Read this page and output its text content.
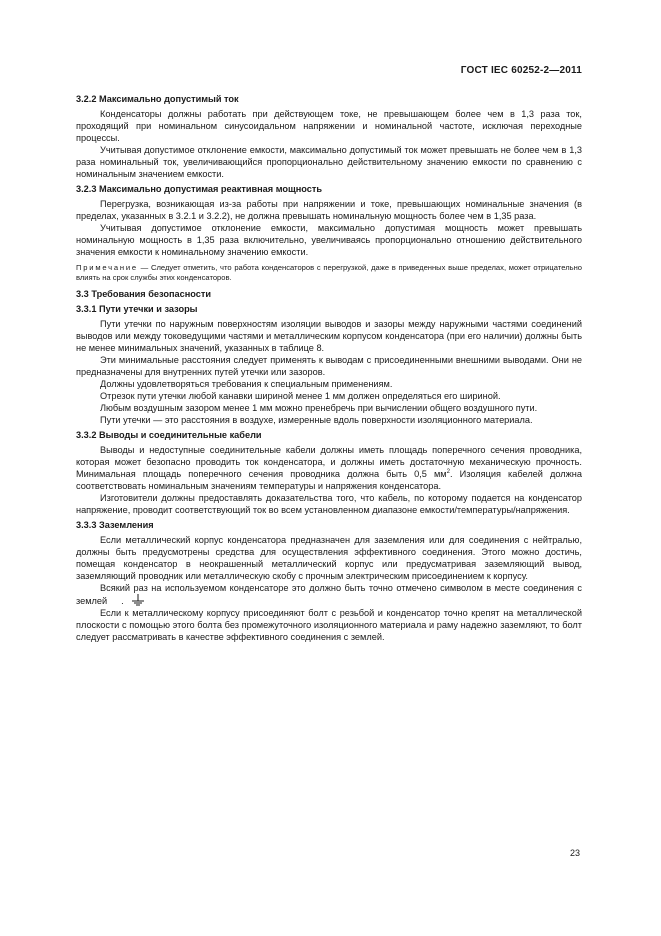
ГОСТ IEC 60252-2—2011
3.2.2 Максимально допустимый ток

Конденсаторы должны работать при действующем токе, не превышающем более чем в 1,3 раза ток, проходящий при номинальном синусоидальном напряжении и номинальной частоте, исключая переходные процессы.

Учитывая допустимое отклонение емкости, максимально допустимый ток может превышать не более чем в 1,3 раза номинальный ток, увеличивающийся пропорционально действительному значению емкости по сравнению с номинальным значением емкости.

3.2.3 Максимально допустимая реактивная мощность

Перегрузка, возникающая из-за работы при напряжении и токе, превышающих номинальные значения (в пределах, указанных в 3.2.1 и 3.2.2), не должна превышать номинальную мощность более чем в 1,35 раза.

Учитывая допустимое отклонение емкости, максимально допустимая мощность может превышать номинальную мощность в 1,35 раза включительно, увеличиваясь пропорционально отношению действительного значения емкости к номинальному значению емкости.

Примечание — Следует отметить, что работа конденсаторов с перегрузкой, даже в приведенных выше пределах, может отрицательно влиять на срок службы этих конденсаторов.

3.3 Требования безопасности
3.3.1 Пути утечки и зазоры

Пути утечки по наружным поверхностям изоляции выводов и зазоры между наружными частями соединений выводов или между токоведущими частями и металлическим корпусом конденсатора (при его наличии) должны быть не менее минимальных значений, указанных в таблице 8.

Эти минимальные расстояния следует применять к выводам с присоединенными внешними выводами. Они не предназначены для внутренних путей утечки или зазоров.

Должны удовлетворяться требования к специальным применениям.

Отрезок пути утечки любой канавки шириной менее 1 мм должен определяться его шириной.

Любым воздушным зазором менее 1 мм можно пренебречь при вычислении общего воздушного пути.

Пути утечки — это расстояния в воздухе, измеренные вдоль поверхности изоляционного материала.

3.3.2 Выводы и соединительные кабели

Выводы и недоступные соединительные кабели должны иметь площадь поперечного сечения проводника, которая может безопасно проводить ток конденсатора, и должны иметь достаточную механическую прочность. Минимальная площадь поперечного сечения проводника должна быть 0,5 $мм^2$. Изоляция кабелей должна соответствовать номинальным значениям температуры и напряжения конденсатора.

Изготовители должны предоставлять доказательства того, что кабель, по которому подается на конденсатор напряжение, проводит соответствующий ток во всем установленном диапазоне емкости/температуры/напряжения.

3.3.3 Заземления

Если металлический корпус конденсатора предназначен для заземления или для соединения с нейтралью, должны быть предусмотрены средства для осуществления эффективного соединения. Этого можно достичь, помещая конденсатор в неокрашенный металлический корпус или предусматривая заземляющий вывод, заземляющий проводник или металлическую скобу с прочным электрическим присоединением к корпусу.

Всякий раз на используемом конденсаторе это должно быть точно отмечено символом в месте соединения с землей .

Если к металлическому корпусу присоединяют болт с резьбой и конденсатор точно крепят на металлической плоскости с помощью этого болта без промежуточного изоляционного материала и раму надежно заземляют, то болт следует рассматривать в качестве эффективного соединения с землей.

23
